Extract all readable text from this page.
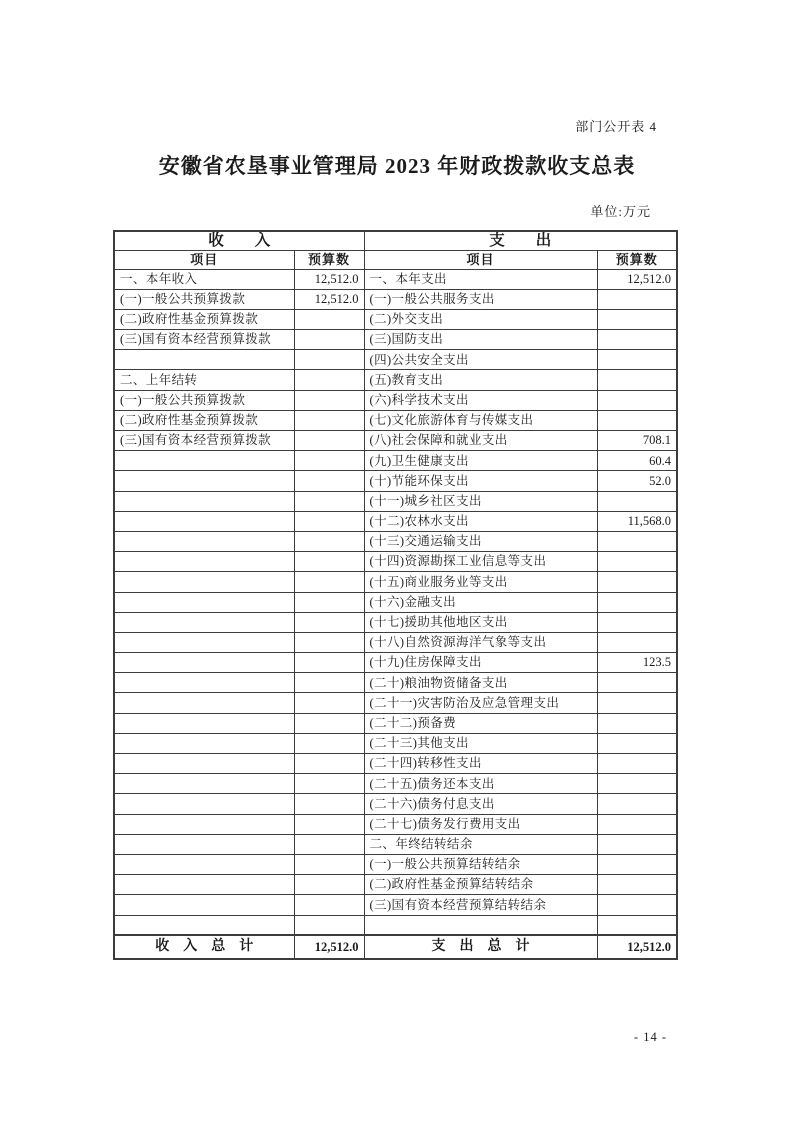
部门公开表 4
安徽省农垦事业管理局 2023 年财政拨款收支总表
单位:万元
收　　入		支　　出	
项目	预算数	项目	预算数
一、本年收入	12,512.0	一、本年支出	12,512.0
(一)一般公共预算拨款	12,512.0	(一)一般公共服务支出	
(二)政府性基金预算拨款		(二)外交支出	
(三)国有资本经营预算拨款		(三)国防支出	
		(四)公共安全支出	
二、上年结转		(五)教育支出	
(一)一般公共预算拨款		(六)科学技术支出	
(二)政府性基金预算拨款		(七)文化旅游体育与传媒支出	
(三)国有资本经营预算拨款		(八)社会保障和就业支出	708.1
		(九)卫生健康支出	60.4
		(十)节能环保支出	52.0
		(十一)城乡社区支出	
		(十二)农林水支出	11,568.0
		(十三)交通运输支出	
		(十四)资源勘探工业信息等支出	
		(十五)商业服务业等支出	
		(十六)金融支出	
		(十七)援助其他地区支出	
		(十八)自然资源海洋气象等支出	
		(十九)住房保障支出	123.5
		(二十)粮油物资储备支出	
		(二十一)灾害防治及应急管理支出	
		(二十二)预备费	
		(二十三)其他支出	
		(二十四)转移性支出	
		(二十五)债务还本支出	
		(二十六)债务付息支出	
		(二十七)债务发行费用支出	
		二、年终结转结余	
		(一)一般公共预算结转结余	
		(二)政府性基金预算结转结余	
		(三)国有资本经营预算结转结余	

收　入　总　计	12,512.0	支　出　总　计	12,512.0
- 14 -
